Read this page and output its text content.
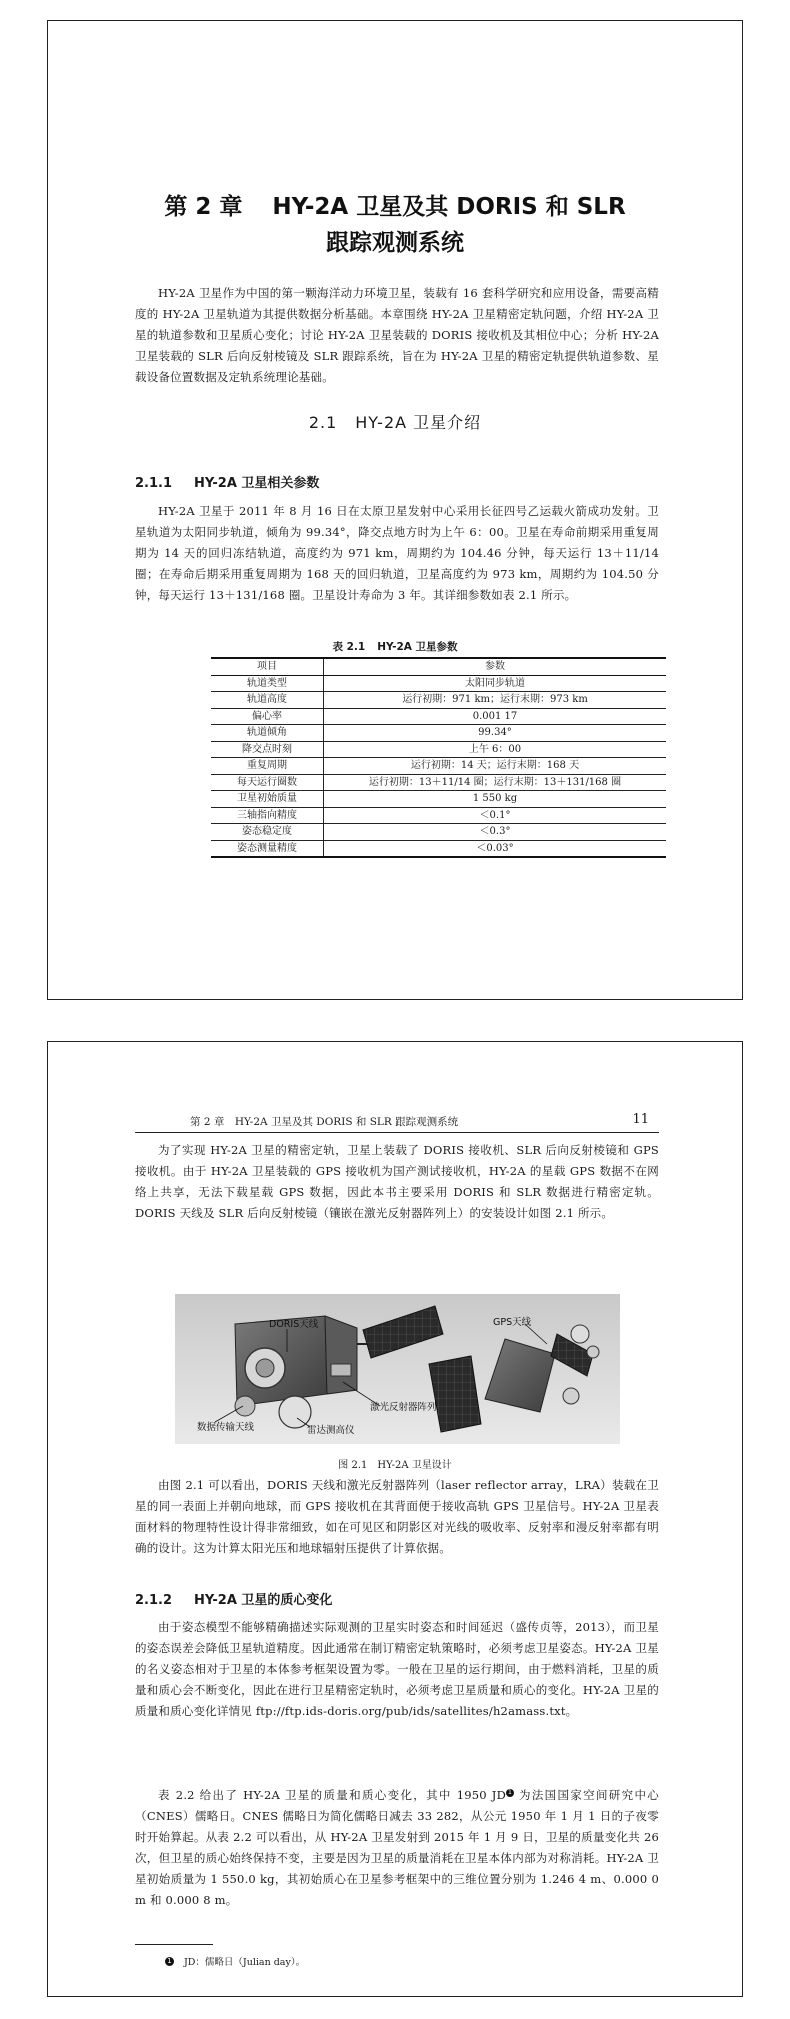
第 2 章 HY-2A 卫星及其 DORIS 和 SLR
跟踪观测系统

HY-2A 卫星作为中国的第一颗海洋动力环境卫星，装载有 16 套科学研究和应用设备，需要高精度的 HY-2A 卫星轨道为其提供数据分析基础。本章围绕 HY-2A 卫星精密定轨问题，介绍 HY-2A 卫星的轨道参数和卫星质心变化；讨论 HY-2A 卫星装载的 DORIS 接收机及其相位中心；分析 HY-2A 卫星装载的 SLR 后向反射棱镜及 SLR 跟踪系统，旨在为 HY-2A 卫星的精密定轨提供轨道参数、星载设备位置数据及定轨系统理论基础。

2.1 HY-2A 卫星介绍
2.1.1 HY-2A 卫星相关参数

HY-2A 卫星于 2011 年 8 月 16 日在太原卫星发射中心采用长征四号乙运载火箭成功发射。卫星轨道为太阳同步轨道，倾角为 99.34°，降交点地方时为上午 6：00。卫星在寿命前期采用重复周期为 14 天的回归冻结轨道，高度约为 971 km，周期约为 104.46 分钟，每天运行 13＋11/14 圈；在寿命后期采用重复周期为 168 天的回归轨道，卫星高度约为 973 km，周期约为 104.50 分钟，每天运行 13＋131/168 圈。卫星设计寿命为 3 年。其详细参数如表 2.1 所示。

表 2.1 HY-2A 卫星参数
项目	参数
轨道类型	太阳同步轨道
轨道高度	运行初期：971 km；运行末期：973 km
偏心率	0.001 17
轨道倾角	99.34°
降交点时刻	上午 6：00
重复周期	运行初期：14 天；运行末期：168 天
每天运行圈数	运行初期：13＋11/14 圈；运行末期：13＋131/168 圈
卫星初始质量	1 550 kg
三轴指向精度	＜0.1°
姿态稳定度	＜0.3°
姿态测量精度	＜0.03°
第 2 章　HY-2A 卫星及其 DORIS 和 SLR 跟踪观测系统	11

为了实现 HY-2A 卫星的精密定轨，卫星上装载了 DORIS 接收机、SLR 后向反射棱镜和 GPS 接收机。由于 HY-2A 卫星装载的 GPS 接收机为国产测试接收机，HY-2A 的星载 GPS 数据不在网络上共享，无法下载星载 GPS 数据，因此本书主要采用 DORIS 和 SLR 数据进行精密定轨。DORIS 天线及 SLR 后向反射棱镜（镶嵌在激光反射器阵列上）的安装设计如图 2.1 所示。

DORIS天线
激光反射器阵列
数据传输天线	雷达测高仪
GPS天线
图 2.1 HY-2A 卫星设计

由图 2.1 可以看出，DORIS 天线和激光反射器阵列（laser reflector array，LRA）装载在卫星的同一表面上并朝向地球，而 GPS 接收机在其背面便于接收高轨 GPS 卫星信号。HY-2A 卫星表面材料的物理特性设计得非常细致，如在可见区和阴影区对光线的吸收率、反射率和漫反射率都有明确的设计。这为计算太阳光压和地球辐射压提供了计算依据。

2.1.2 HY-2A 卫星的质心变化

由于姿态模型不能够精确描述实际观测的卫星实时姿态和时间延迟（盛传贞等，2013），而卫星的姿态误差会降低卫星轨道精度。因此通常在制订精密定轨策略时，必须考虑卫星姿态。HY-2A 卫星的名义姿态相对于卫星的本体参考框架设置为零。一般在卫星的运行期间，由于燃料消耗，卫星的质量和质心会不断变化，因此在进行卫星精密定轨时，必须考虑卫星质量和质心的变化。HY-2A 卫星的质量和质心变化详情见 ftp://ftp.ids-doris.org/pub/ids/satellites/h2amass.txt。

表 2.2 给出了 HY-2A 卫星的质量和质心变化，其中 1950 JD 1 为法国国家空间研究中心（CNES）儒略日。CNES 儒略日为简化儒略日减去 33 282，从公元 1950 年 1 月 1 日的子夜零时开始算起。从表 2.2 可以看出，从 HY-2A 卫星发射到 2015 年 1 月 9 日，卫星的质量变化共 26 次，但卫星的质心始终保持不变，主要是因为卫星的质量消耗在卫星本体内部为对称消耗。HY-2A 卫星初始质量为 1 550.0 kg，其初始质心在卫星参考框架中的三维位置分别为 1.246 4 m、0.000 0 m 和 0.000 8 m。

1 JD：儒略日（Julian day）。
